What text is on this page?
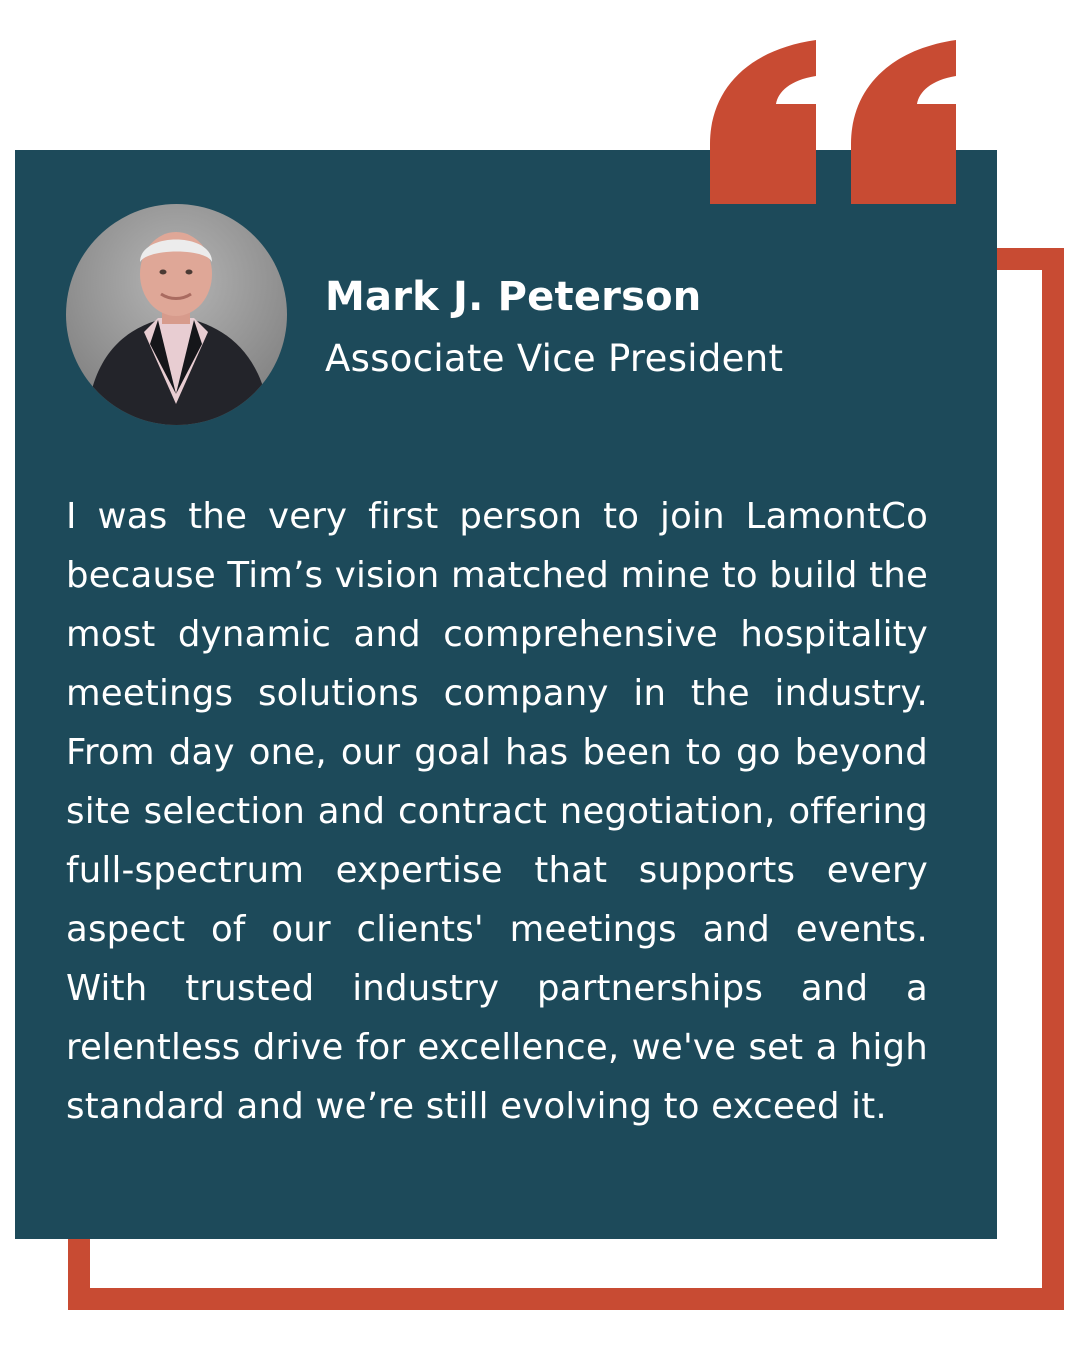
Mark J. Peterson
Associate Vice President

I was the very first person to join LamontCo because Tim’s vision matched mine to build the most dynamic and comprehensive hospitality meetings solutions company in the industry. From day one, our goal has been to go beyond site selection and contract negotiation, offering full-spectrum expertise that supports every aspect of our clients' meetings and events. With trusted industry partnerships and a relentless drive for excellence, we've set a high standard and we’re still evolving to exceed it.
